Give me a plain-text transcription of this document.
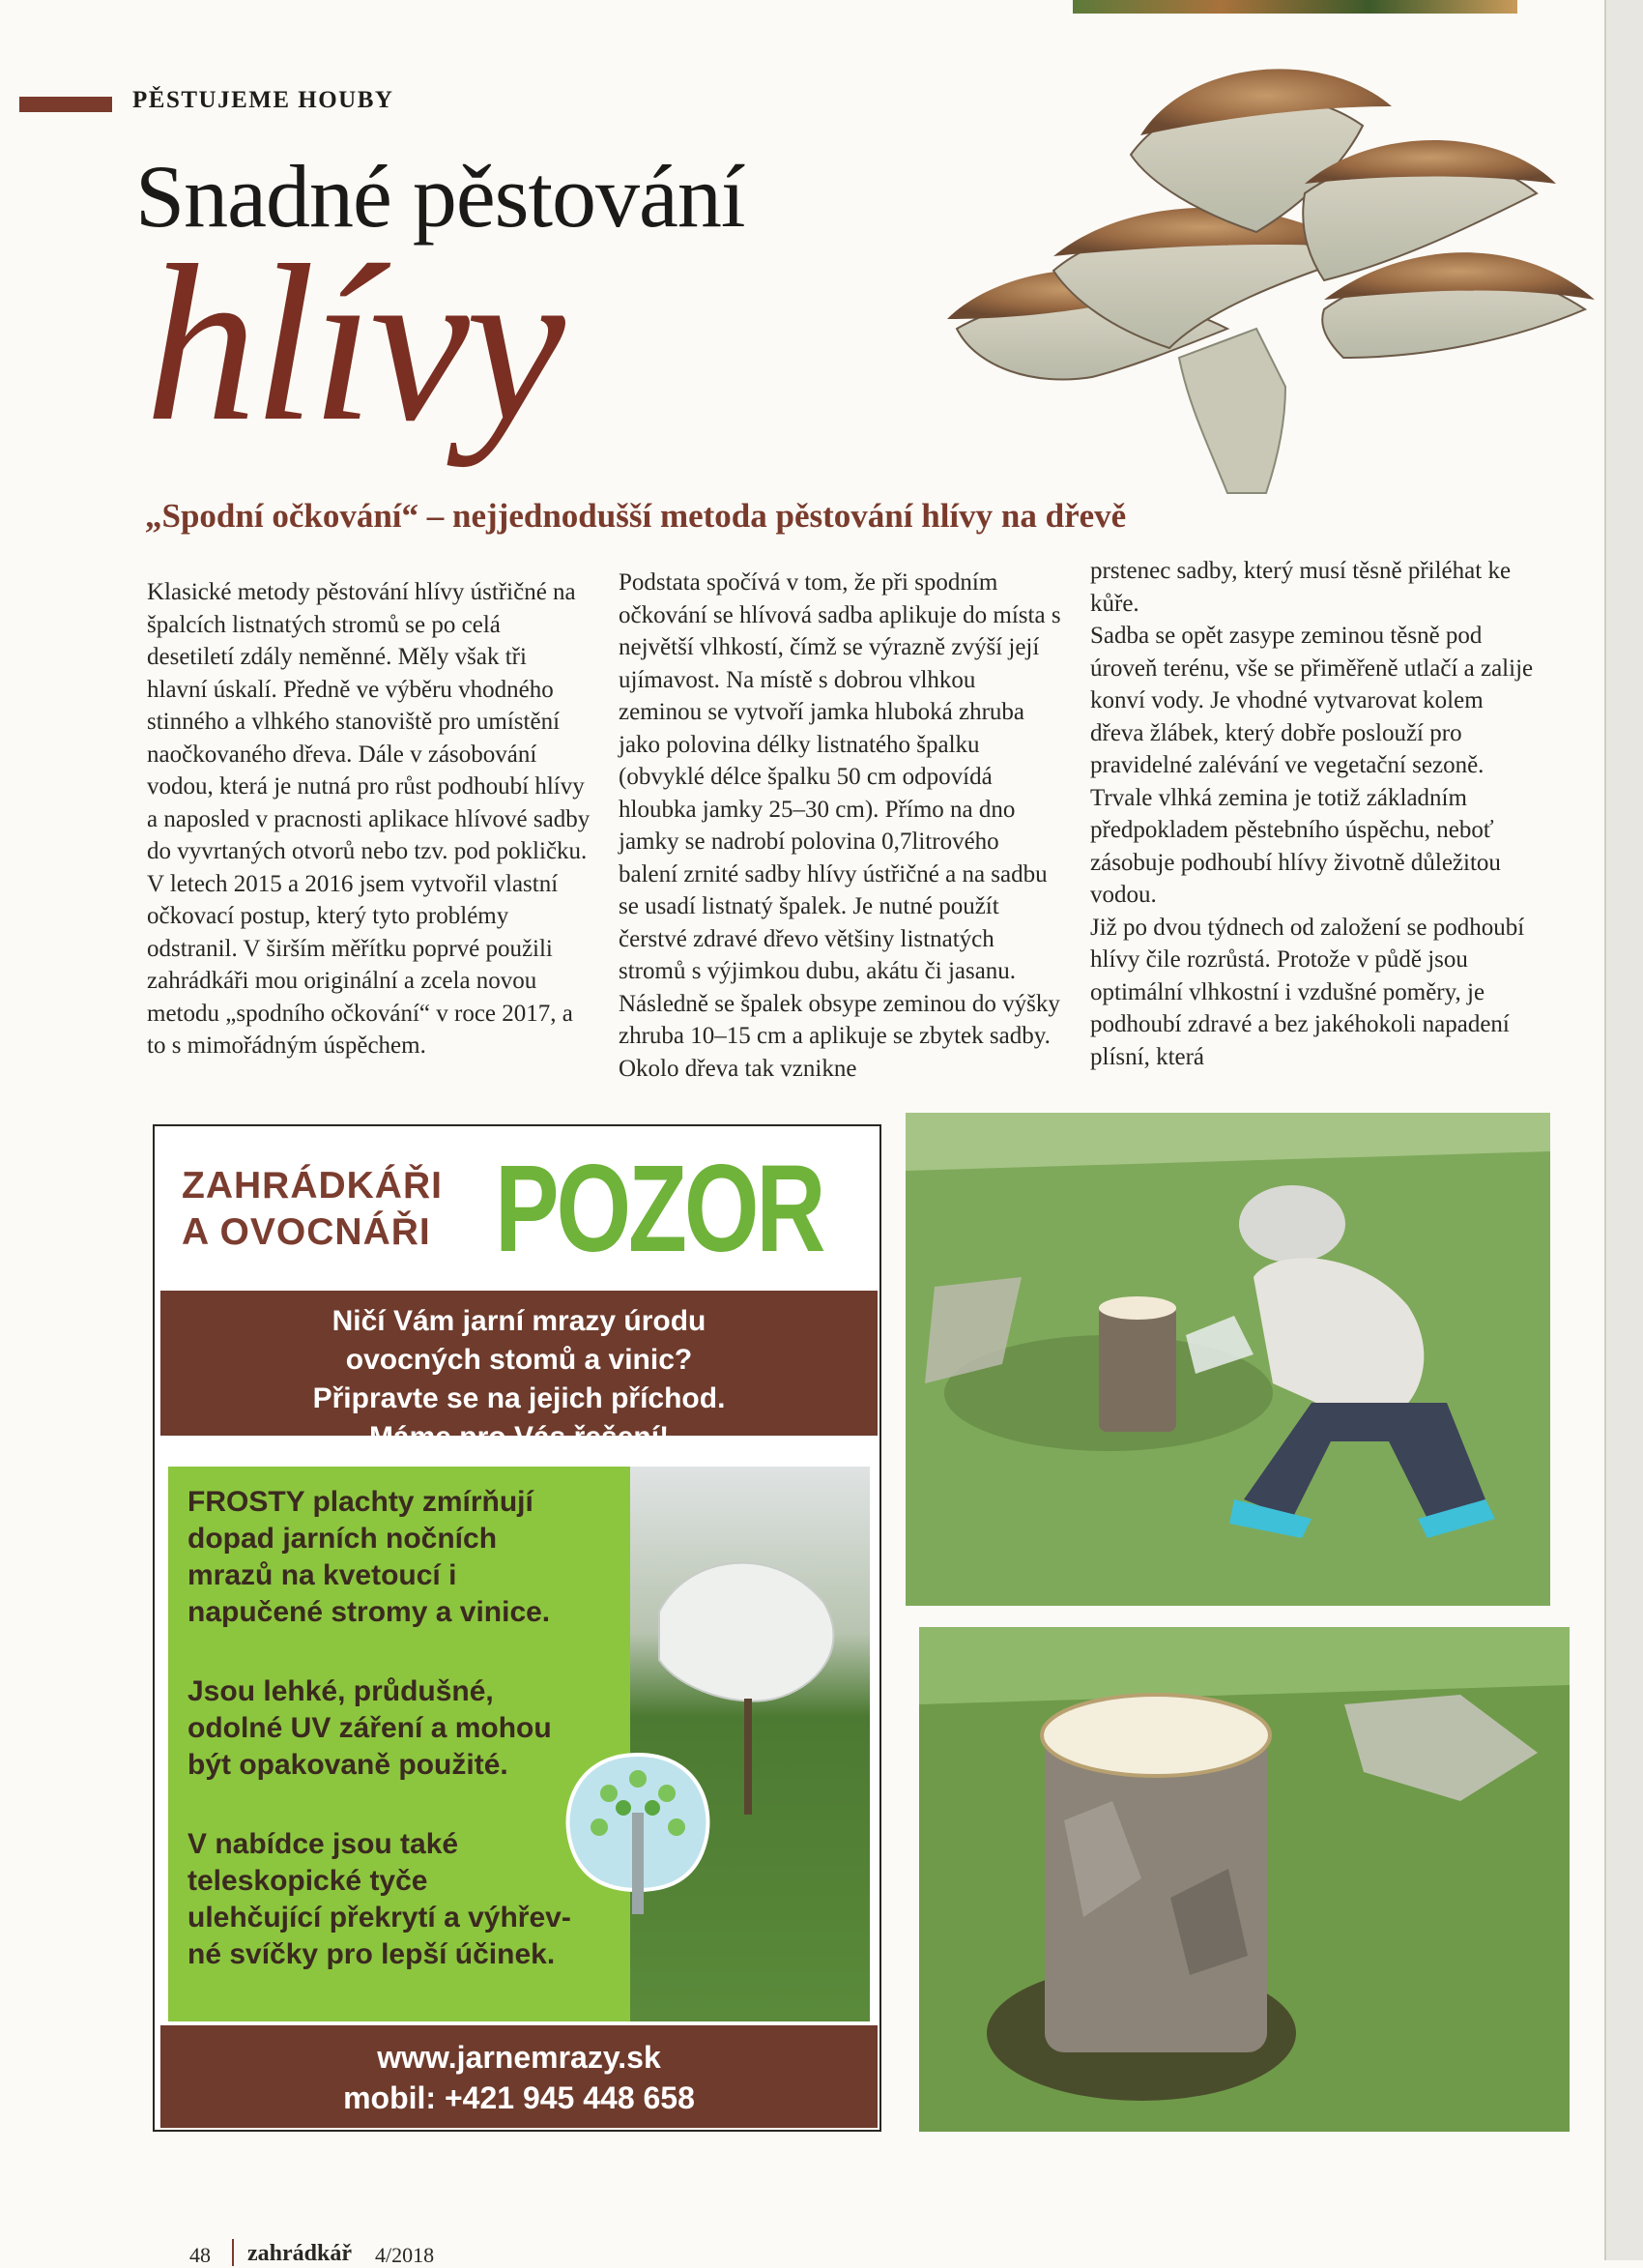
PĚSTUJEME HOUBY
Snadné pěstování
hlívy
„Spodní očkování“ – nejjednodušší metoda pěstování hlívy na dřevě

Klasické metody pěstování hlívy ústřičné na špalcích listnatých stromů se po celá desetiletí zdály neměnné. Měly však tři hlavní úskalí. Předně ve výběru vhodného stinného a vlhkého stanoviště pro umístění naočkovaného dřeva. Dále v zásobování vodou, která je nutná pro růst podhoubí hlívy a naposled v pracnosti aplikace hlívové sadby do vyvrtaných otvorů nebo tzv. pod pokličku. V letech 2015 a 2016 jsem vytvořil vlastní očkovací postup, který tyto problémy odstranil. V širším měřítku poprvé použili zahrádkáři mou originální a zcela novou metodu „spodního očkování“ v roce 2017, a to s mimořádným úspěchem.

Podstata spočívá v tom, že při spodním očkování se hlívová sadba aplikuje do místa s největší vlhkostí, čímž se výrazně zvýší její ujímavost. Na místě s dobrou vlhkou zeminou se vytvoří jamka hluboká zhruba jako polovina délky listnatého špalku (obvyklé délce špalku 50 cm odpovídá hloubka jamky 25–30 cm). Přímo na dno jamky se nadrobí polovina 0,7litrového balení zrnité sadby hlívy ústřičné a na sadbu se usadí listnatý špalek. Je nutné použít čerstvé zdravé dřevo většiny listnatých stromů s výjimkou dubu, akátu či jasanu. Následně se špalek obsype zeminou do výšky zhruba 10–15 cm a aplikuje se zbytek sadby. Okolo dřeva tak vznikne

prstenec sadby, který musí těsně přiléhat ke kůře.

Sadba se opět zasype zeminou těsně pod úroveň terénu, vše se přiměřeně utlačí a zalije konví vody. Je vhodné vytvarovat kolem dřeva žlábek, který dobře poslouží pro pravidelné zalévání ve vegetační sezoně. Trvale vlhká zemina je totiž základním předpokladem pěstebního úspěchu, neboť zásobuje podhoubí hlívy životně důležitou vodou.

Již po dvou týdnech od založení se podhoubí hlívy čile rozrůstá. Protože v půdě jsou optimální vlhkostní i vzdušné poměry, je podhoubí zdravé a bez jakéhokoli napadení plísní, která

ZAHRÁDKÁŘI
A OVOCNÁŘI POZOR
Ničí Vám jarní mrazy úrodu
ovocných stomů a vinic?
Připravte se na jejich příchod.
Máme pro Vás řešení!
FROSTY plachty zmírňují
dopad jarních nočních
mrazů na kvetoucí i
napučené stromy a vinice.
Jsou lehké, průdušné,
odolné UV záření a mohou
být opakovaně použité.
V nabídce jsou také
teleskopické tyče
ulehčující překrytí a výhřev-
né svíčky pro lepší účinek.
www.jarnemrazy.sk
mobil: +421 945 448 658
48 zahrádkář 4/2018
